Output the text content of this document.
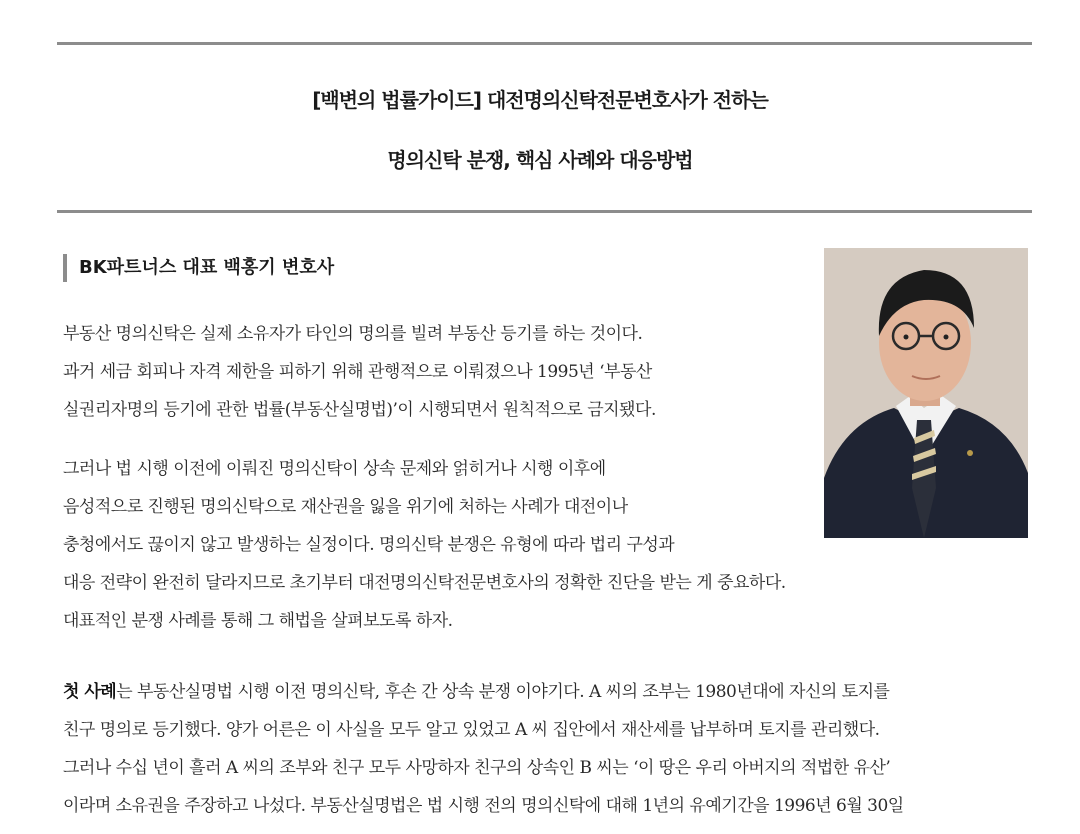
[백변의 법률가이드] 대전명의신탁전문변호사가 전하는
명의신탁 분쟁, 핵심 사례와 대응방법
BK파트너스 대표 백홍기 변호사

부동산 명의신탁은 실제 소유자가 타인의 명의를 빌려 부동산 등기를 하는 것이다.
과거 세금 회피나 자격 제한을 피하기 위해 관행적으로 이뤄졌으나 1995년 ‘부동산
실권리자명의 등기에 관한 법률(부동산실명법)’이 시행되면서 원칙적으로 금지됐다.

그러나 법 시행 이전에 이뤄진 명의신탁이 상속 문제와 얽히거나 시행 이후에
음성적으로 진행된 명의신탁으로 재산권을 잃을 위기에 처하는 사례가 대전이나
충청에서도 끊이지 않고 발생하는 실정이다. 명의신탁 분쟁은 유형에 따라 법리 구성과
대응 전략이 완전히 달라지므로 초기부터 대전명의신탁전문변호사의 정확한 진단을 받는 게 중요하다.
대표적인 분쟁 사례를 통해 그 해법을 살펴보도록 하자.

첫 사례는 부동산실명법 시행 이전 명의신탁, 후손 간 상속 분쟁 이야기다. A 씨의 조부는 1980년대에 자신의 토지를
친구 명의로 등기했다. 양가 어른은 이 사실을 모두 알고 있었고 A 씨 집안에서 재산세를 납부하며 토지를 관리했다.
그러나 수십 년이 흘러 A 씨의 조부와 친구 모두 사망하자 친구의 상속인 B 씨는 ‘이 땅은 우리 아버지의 적법한 유산’
이라며 소유권을 주장하고 나섰다. 부동산실명법은 법 시행 전의 명의신탁에 대해 1년의 유예기간을 1996년 6월 30일
